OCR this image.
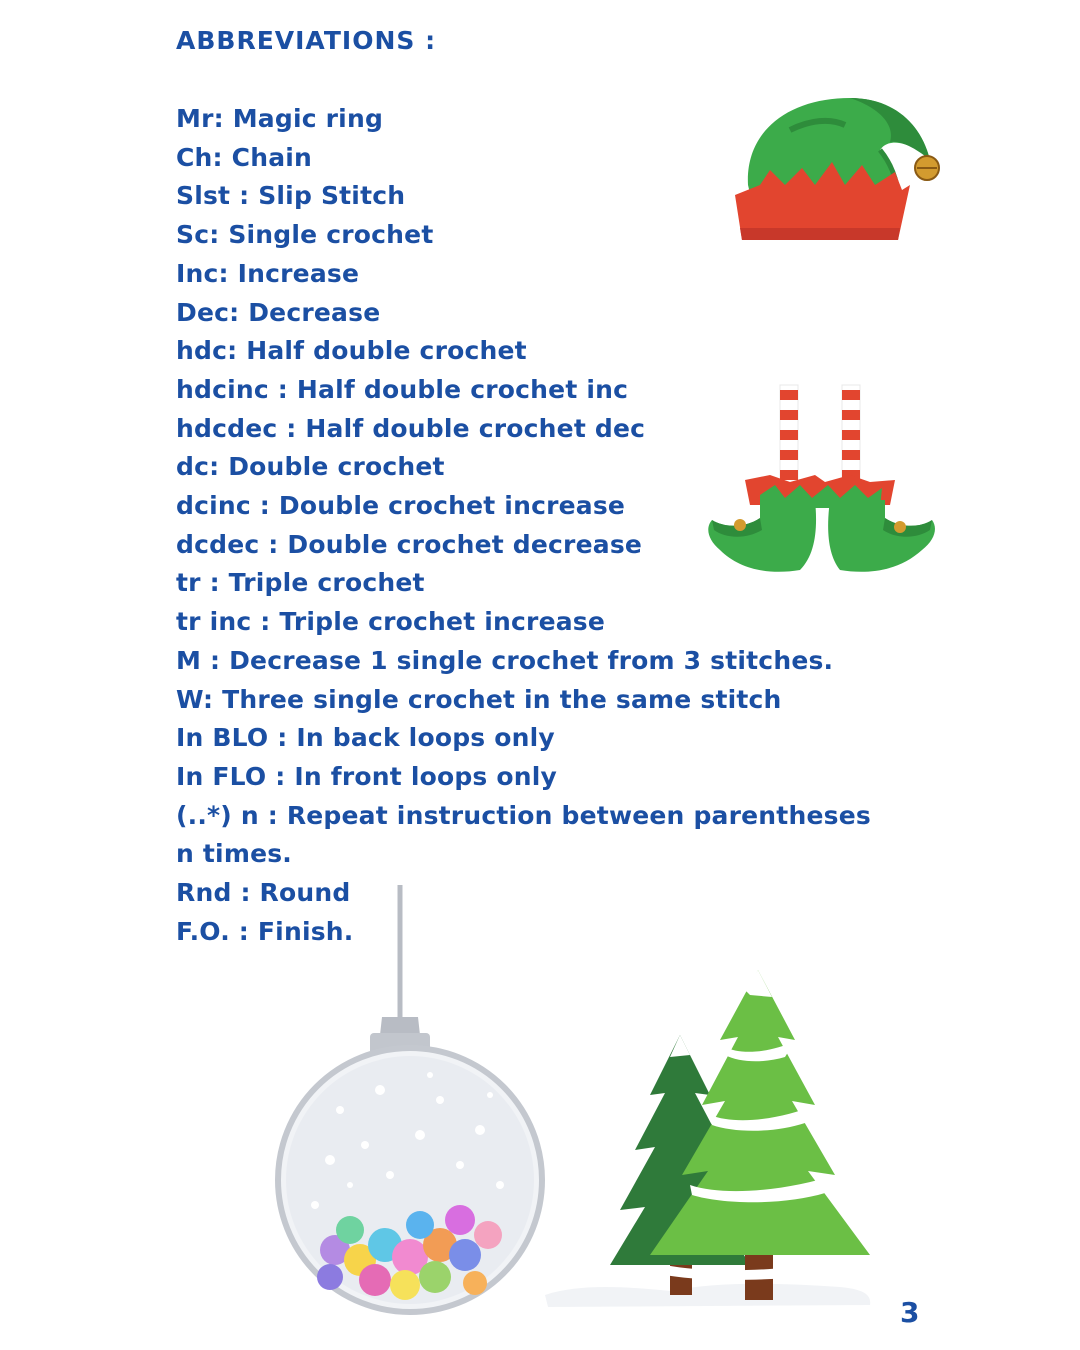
ABBREVIATIONS :
Mr: Magic ring
Ch: Chain
Slst : Slip Stitch
Sc: Single crochet
Inc: Increase
Dec: Decrease
hdc: Half double crochet
hdcinc : Half double crochet inc
hdcdec : Half double crochet dec
dc: Double crochet
dcinc : Double crochet increase
dcdec : Double crochet decrease
tr : Triple crochet
tr inc : Triple crochet increase
M : Decrease 1 single crochet from 3 stitches.
W: Three single crochet in the same stitch
In BLO : In back loops only
In FLO : In front loops only
(..*) n : Repeat instruction between parentheses
n times.
Rnd : Round
F.O. : Finish.
3
